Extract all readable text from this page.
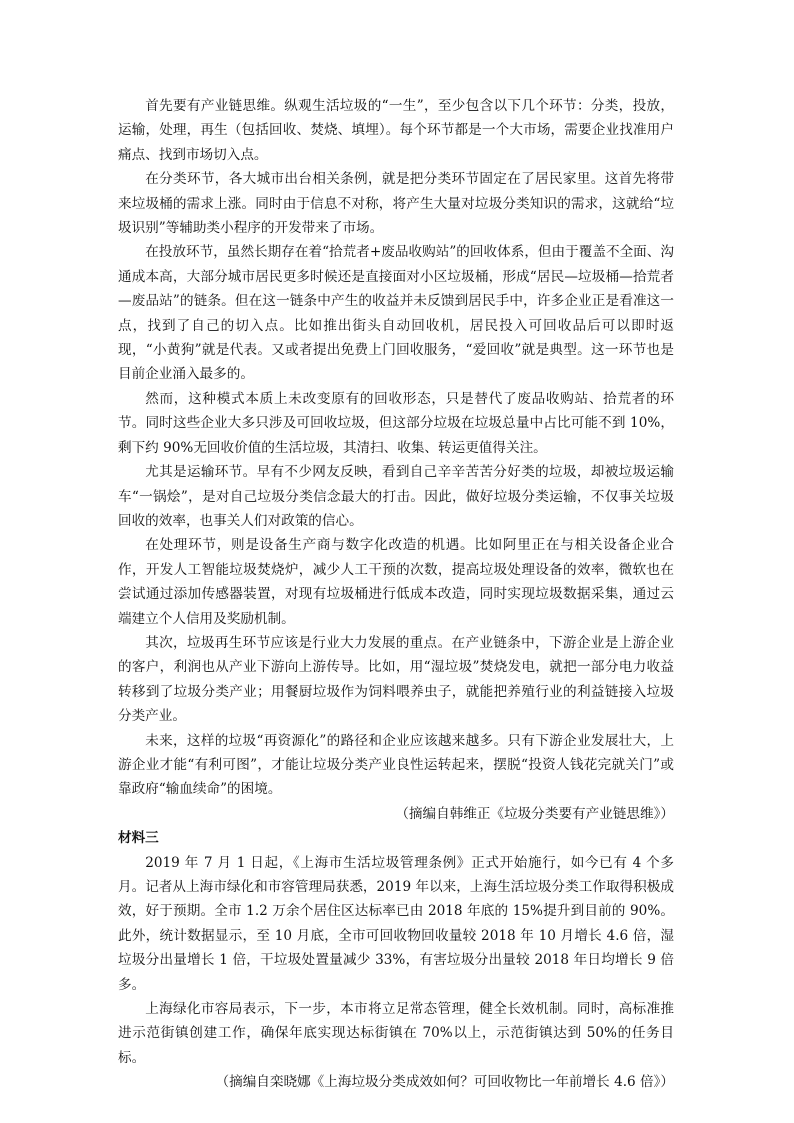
首先要有产业链思维。纵观生活垃圾的“一生”，至少包含以下几个环节：分类，投放，运输，处理，再生（包括回收、焚烧、填埋）。每个环节都是一个大市场，需要企业找准用户痛点、找到市场切入点。

在分类环节，各大城市出台相关条例，就是把分类环节固定在了居民家里。这首先将带来垃圾桶的需求上涨。同时由于信息不对称，将产生大量对垃圾分类知识的需求，这就给“垃圾识别”等辅助类小程序的开发带来了市场。

在投放环节，虽然长期存在着“拾荒者+废品收购站”的回收体系，但由于覆盖不全面、沟通成本高，大部分城市居民更多时候还是直接面对小区垃圾桶，形成“居民—垃圾桶—拾荒者—废品站”的链条。但在这一链条中产生的收益并未反馈到居民手中，许多企业正是看准这一点，找到了自己的切入点。比如推出街头自动回收机，居民投入可回收品后可以即时返现，“小黄狗”就是代表。又或者提出免费上门回收服务，“爱回收”就是典型。这一环节也是目前企业涌入最多的。

然而，这种模式本质上未改变原有的回收形态，只是替代了废品收购站、拾荒者的环节。同时这些企业大多只涉及可回收垃圾，但这部分垃圾在垃圾总量中占比可能不到 10%，剩下约 90%无回收价值的生活垃圾，其清扫、收集、转运更值得关注。

尤其是运输环节。早有不少网友反映，看到自己辛辛苦苦分好类的垃圾，却被垃圾运输车“一锅烩”，是对自己垃圾分类信念最大的打击。因此，做好垃圾分类运输，不仅事关垃圾回收的效率，也事关人们对政策的信心。

在处理环节，则是设备生产商与数字化改造的机遇。比如阿里正在与相关设备企业合作，开发人工智能垃圾焚烧炉，减少人工干预的次数，提高垃圾处理设备的效率，微软也在尝试通过添加传感器装置，对现有垃圾桶进行低成本改造，同时实现垃圾数据采集，通过云端建立个人信用及奖励机制。

其次，垃圾再生环节应该是行业大力发展的重点。在产业链条中，下游企业是上游企业的客户，利润也从产业下游向上游传导。比如，用“湿垃圾”焚烧发电，就把一部分电力收益转移到了垃圾分类产业；用餐厨垃圾作为饲料喂养虫子，就能把养殖行业的利益链接入垃圾分类产业。

未来，这样的垃圾“再资源化”的路径和企业应该越来越多。只有下游企业发展壮大，上游企业才能“有利可图”，才能让垃圾分类产业良性运转起来，摆脱“投资人钱花完就关门”或靠政府“输血续命”的困境。

（摘编自韩维正《垃圾分类要有产业链思维》）

材料三

2019 年 7 月 1 日起，《上海市生活垃圾管理条例》正式开始施行，如今已有 4 个多月。记者从上海市绿化和市容管理局获悉，2019 年以来，上海生活垃圾分类工作取得积极成效，好于预期。全市 1.2 万余个居住区达标率已由 2018 年底的 15%提升到目前的 90%。此外，统计数据显示，至 10 月底，全市可回收物回收量较 2018 年 10 月增长 4.6 倍，湿垃圾分出量增长 1 倍，干垃圾处置量减少 33%，有害垃圾分出量较 2018 年日均增长 9 倍多。

上海绿化市容局表示，下一步，本市将立足常态管理，健全长效机制。同时，高标准推进示范街镇创建工作，确保年底实现达标街镇在 70%以上，示范街镇达到 50%的任务目标。

（摘编自栾晓娜《上海垃圾分类成效如何？可回收物比一年前增长 4.6 倍》）
